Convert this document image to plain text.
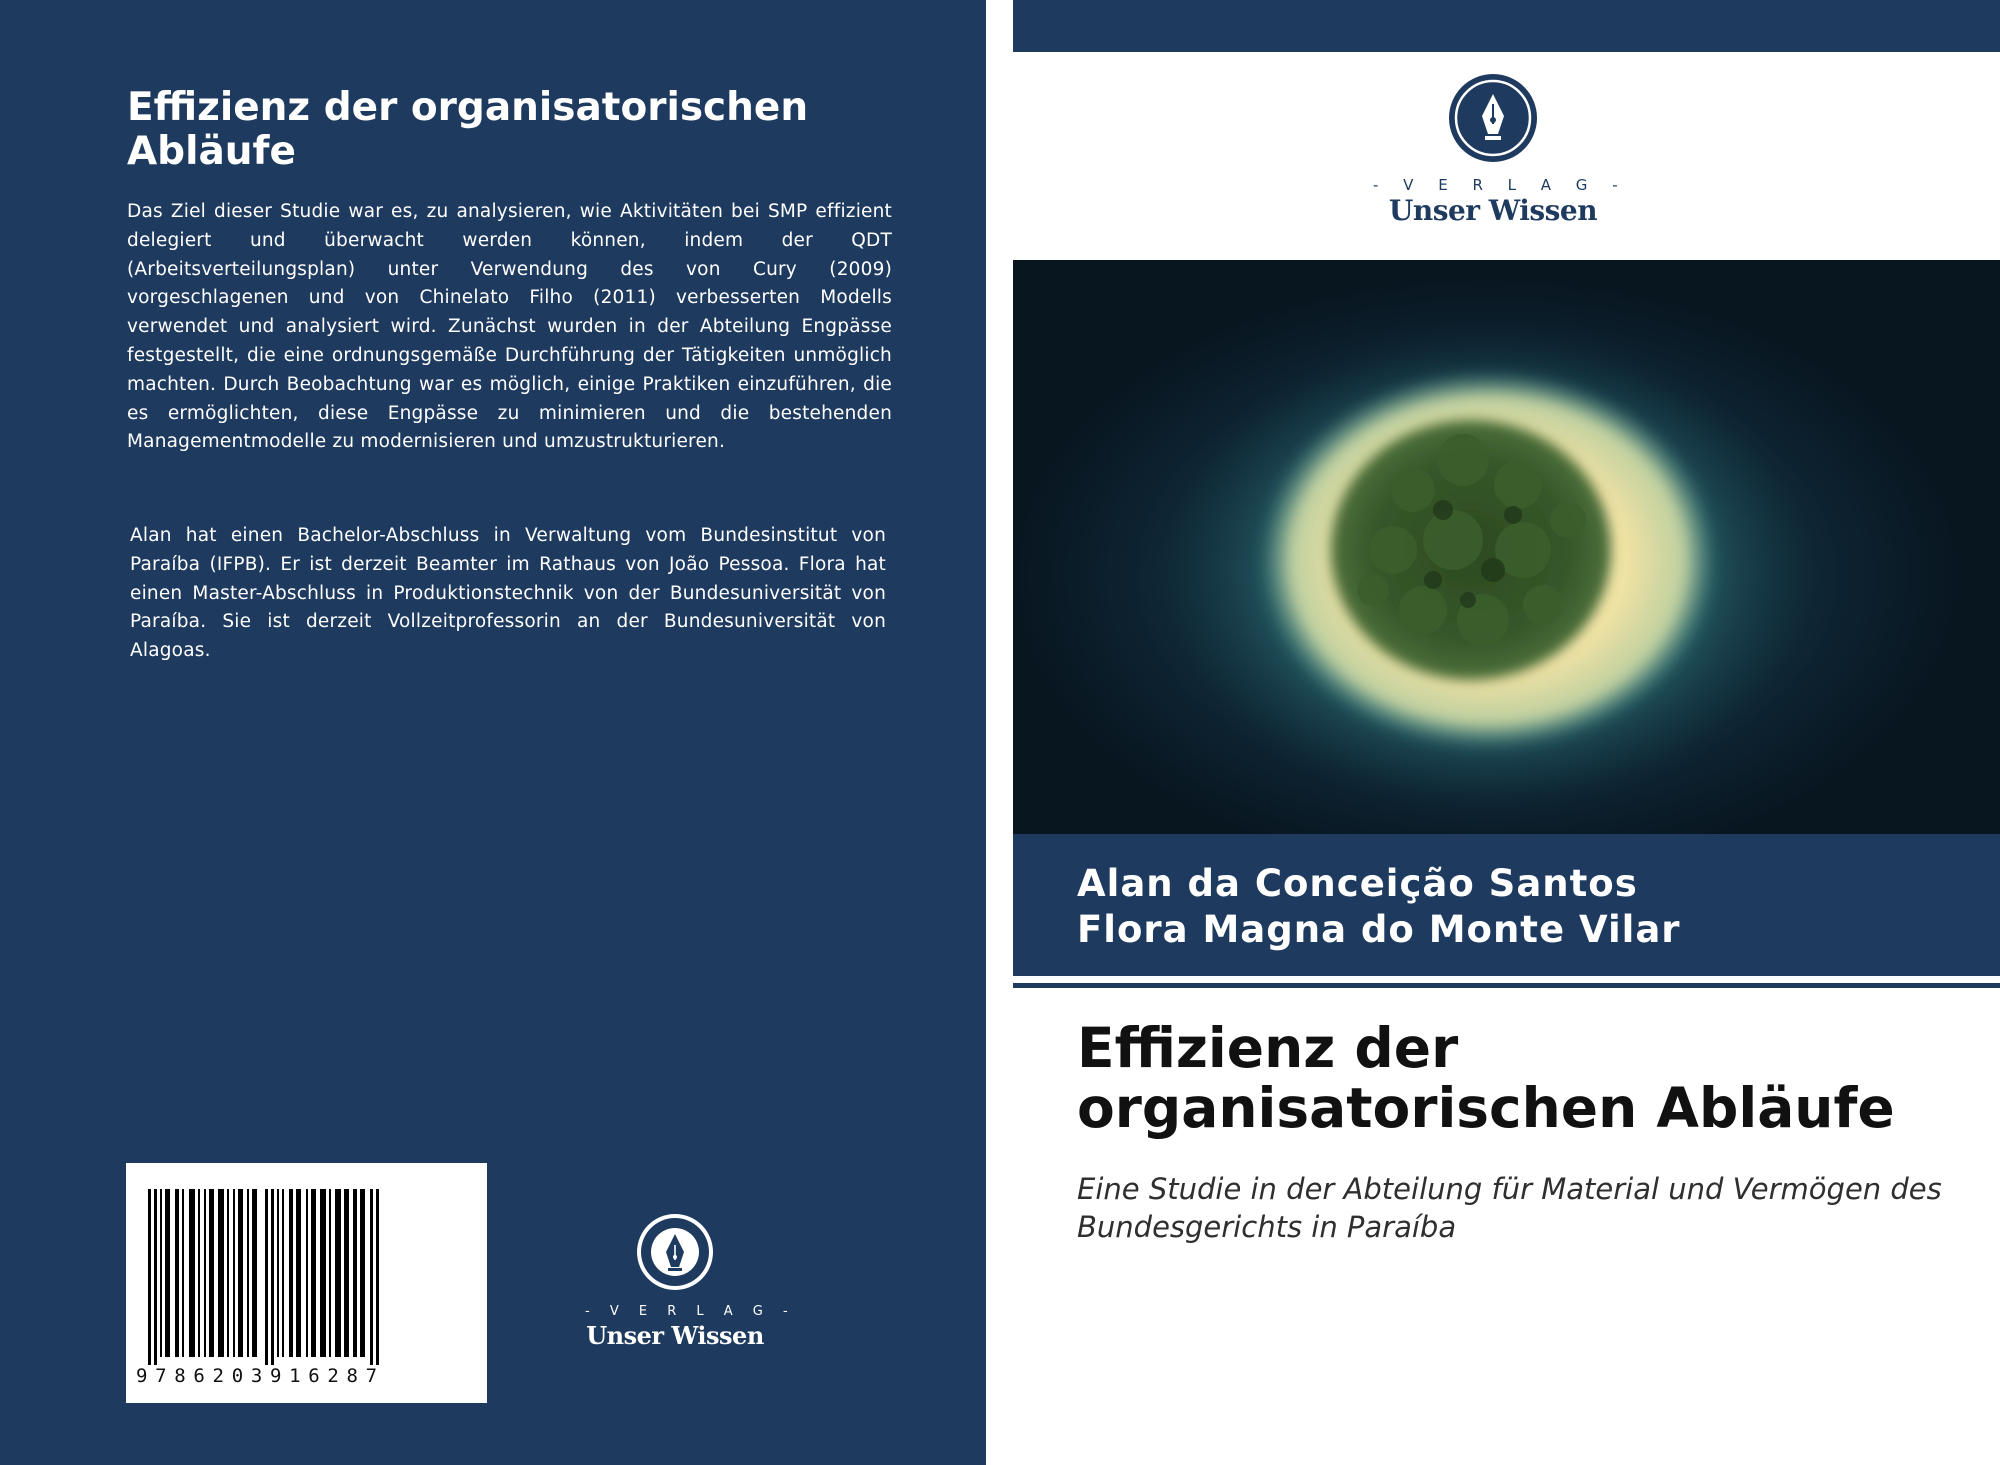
Effizienz der organisatorischen Abläufe

Das Ziel dieser Studie war es, zu analysieren, wie Aktivitäten bei SMP effizient delegiert und überwacht werden können, indem der QDT (Arbeitsverteilungsplan) unter Verwendung des von Cury (2009) vorgeschlagenen und von Chinelato Filho (2011) verbesserten Modells verwendet und analysiert wird. Zunächst wurden in der Abteilung Engpässe festgestellt, die eine ordnungsgemäße Durchführung der Tätigkeiten unmöglich machten. Durch Beobachtung war es möglich, einige Praktiken einzuführen, die es ermöglichten, diese Engpässe zu minimieren und die bestehenden Managementmodelle zu modernisieren und umzustrukturieren.

Alan hat einen Bachelor-Abschluss in Verwaltung vom Bundesinstitut von Paraíba (IFPB). Er ist derzeit Beamter im Rathaus von João Pessoa. Flora hat einen Master-Abschluss in Produktionstechnik von der Bundesuniversität von Paraíba. Sie ist derzeit Vollzeitprofessorin an der Bundesuniversität von Alagoas.

9786203916287
- V E R L A G -
Unser Wissen
- V E R L A G -
Unser Wissen
Alan da Conceição Santos
Flora Magna do Monte Vilar
Effizienz der organisatorischen Abläufe

Eine Studie in der Abteilung für Material und Vermögen des Bundesgerichts in Paraíba
